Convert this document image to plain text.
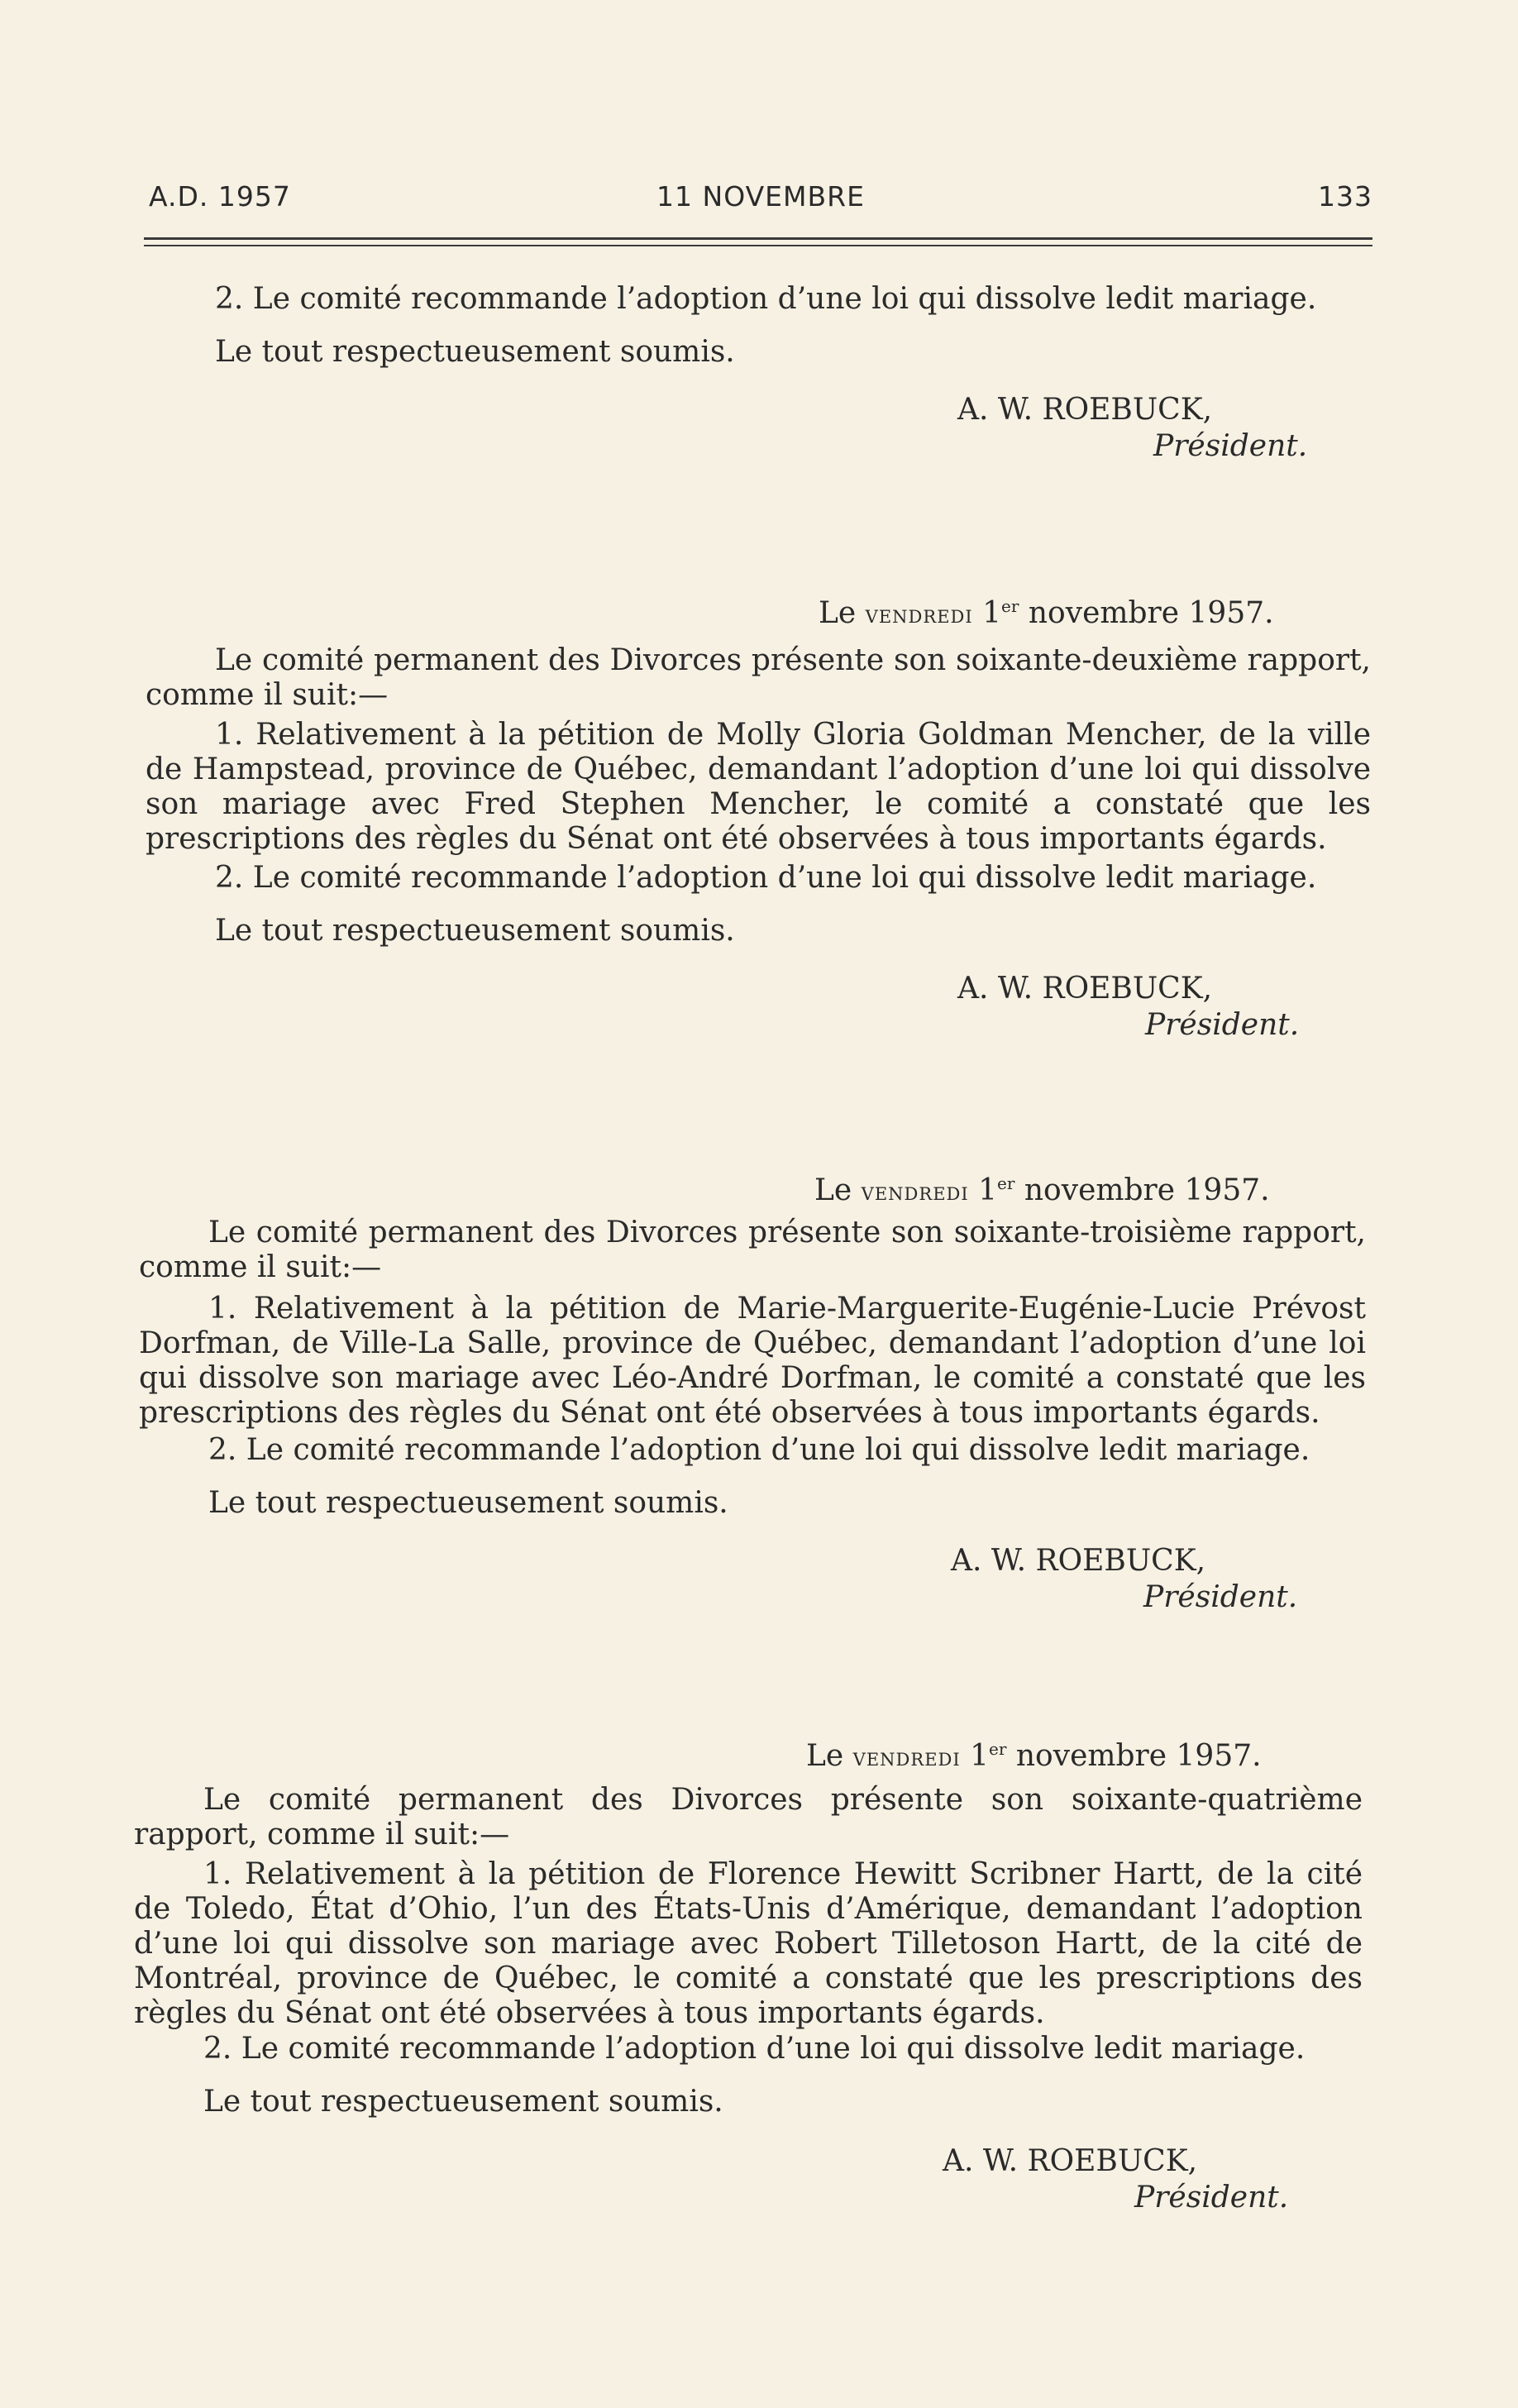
A.D. 1957	11 NOVEMBRE	133
2. Le comité recommande l’adoption d’une loi qui dissolve ledit mariage.
Le tout respectueusement soumis.
A. W. ROEBUCK,
Président.
Le vendredi 1er novembre 1957.
Le comité permanent des Divorces présente son soixante-deuxième rapport, comme il suit:—
1. Relativement à la pétition de Molly Gloria Goldman Mencher, de la ville de Hampstead, province de Québec, demandant l’adoption d’une loi qui dissolve son mariage avec Fred Stephen Mencher, le comité a constaté que les prescriptions des règles du Sénat ont été observées à tous importants égards.
2. Le comité recommande l’adoption d’une loi qui dissolve ledit mariage.
Le tout respectueusement soumis.
A. W. ROEBUCK,
Président.
Le vendredi 1er novembre 1957.
Le comité permanent des Divorces présente son soixante-troisième rapport, comme il suit:—
1. Relativement à la pétition de Marie-Marguerite-Eugénie-Lucie Prévost Dorfman, de Ville-La Salle, province de Québec, demandant l’adoption d’une loi qui dissolve son mariage avec Léo-André Dorfman, le comité a constaté que les prescriptions des règles du Sénat ont été observées à tous importants égards.
2. Le comité recommande l’adoption d’une loi qui dissolve ledit mariage.
Le tout respectueusement soumis.
A. W. ROEBUCK,
Président.
Le vendredi 1er novembre 1957.
Le comité permanent des Divorces présente son soixante-quatrième rapport, comme il suit:—
1. Relativement à la pétition de Florence Hewitt Scribner Hartt, de la cité de Toledo, État d’Ohio, l’un des États-Unis d’Amérique, demandant l’adoption d’une loi qui dissolve son mariage avec Robert Tilletoson Hartt, de la cité de Montréal, province de Québec, le comité a constaté que les prescriptions des règles du Sénat ont été observées à tous importants égards.
2. Le comité recommande l’adoption d’une loi qui dissolve ledit mariage.
Le tout respectueusement soumis.
A. W. ROEBUCK,
Président.
